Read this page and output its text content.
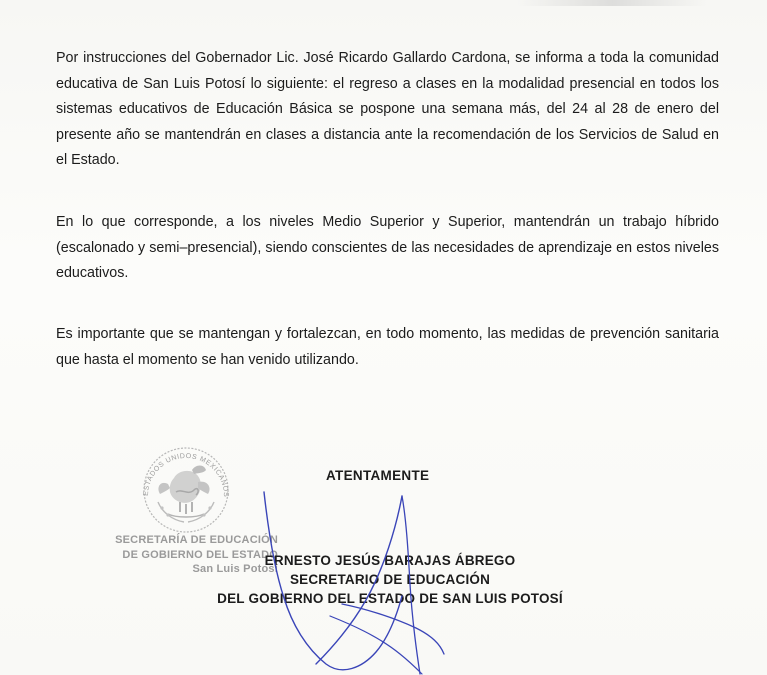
Por instrucciones del Gobernador Lic. José Ricardo Gallardo Cardona, se informa a toda la comunidad educativa de San Luis Potosí lo siguiente: el regreso a clases en la modalidad presencial en todos los sistemas educativos de Educación Básica se pospone una semana más, del 24 al 28 de enero del presente año se mantendrán en clases a distancia ante la recomendación de los Servicios de Salud en el Estado.

En lo que corresponde, a los niveles Medio Superior y Superior, mantendrán un trabajo híbrido (escalonado y semi–presencial), siendo conscientes de las necesidades de aprendizaje en estos niveles educativos.

Es importante que se mantengan y fortalezcan, en todo momento, las medidas de prevención sanitaria que hasta el momento se han venido utilizando.

ESTADOS UNIDOS MEXICANOS
SECRETARÍA DE EDUCACIÓN
DE GOBIERNO DEL ESTADO
San Luis Potosí
ATENTAMENTE
ERNESTO JESÚS BARAJAS ÁBREGO
SECRETARIO DE EDUCACIÓN
DEL GOBIERNO DEL ESTADO DE SAN LUIS POTOSÍ
